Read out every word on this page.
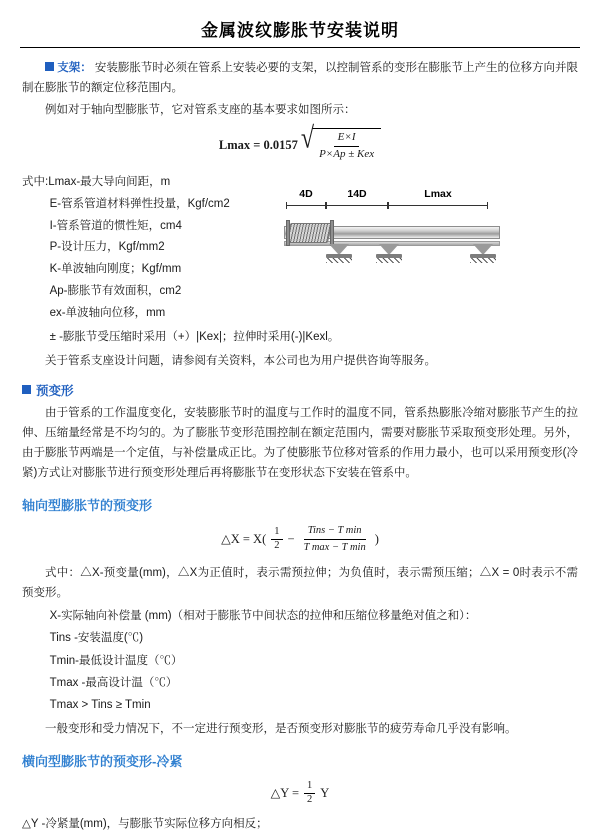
金属波纹膨胀节安装说明
支架： 安装膨胀节时必须在管系上安装必要的支架，以控制管系的变形在膨胀节上产生的位移方向并限制在膨胀节的额定位移范围内。
例如对于轴向型膨胀节，它对管系支座的基本要求如图所示：
Lmax = 0.0157 √
$\frac{E\times I}{\text{P×Ap ± Kex}}$
式中:Lmax-最大导向间距，m
E-管系管道材料弹性投量，Kgf/cm2
I-管系管道的惯性矩，cm4
P-设计压力，Kgf/mm2
K-单波轴向刚度；Kgf/mm
Ap-膨胀节有效面积，cm2
ex-单波轴向位移，mm
4D	14D	Lmax
± -膨胀节受压缩时采用（+）|Kex|；拉伸时采用(-)|Kexl。
关于管系支座设计问题，请参阅有关资料，本公司也为用户提供咨询等服务。
预变形
由于管系的工作温度变化，安装膨胀节时的温度与工作时的温度不同，管系热膨胀冷缩对膨胀节产生的拉伸、压缩量经常是不均匀的。为了膨胀节变形范围控制在额定范围内，需要对膨胀节采取预变形处理。另外，由于膨胀节两端是一个定值，与补偿量成正比。为了使膨胀节位移对管系的作用力最小，也可以采用预变形(冷紧)方式让对膨胀节进行预变形处理后再将膨胀节在变形状态下安装在管系中。
轴向型膨胀节的预变形
△X = $X( \frac{1}{2}$ −
Tins − T min
T max − T min
)
式中：△X-预变量(mm)，△X为正值时，表示需预拉伸；为负值时，表示需预压缩；△X = 0时表示不需预变形。
X-实际轴向补偿量 (mm)（相对于膨胀节中间状态的拉伸和压缩位移量绝对值之和）：
Tins -安装温度(℃)
Tmin-最低设计温度（℃）
Tmax -最高设计温（℃）
Tmax > Tins ≥ Tmin
一般变形和受力情况下，不一定进行预变形，是否预变形对膨胀节的疲劳寿命几乎没有影响。
横向型膨胀节的预变形-冷紧
△Y = $\frac{1}{2}$ Y
△Y -冷紧量(mm)，与膨胀节实际位移方向相反；
